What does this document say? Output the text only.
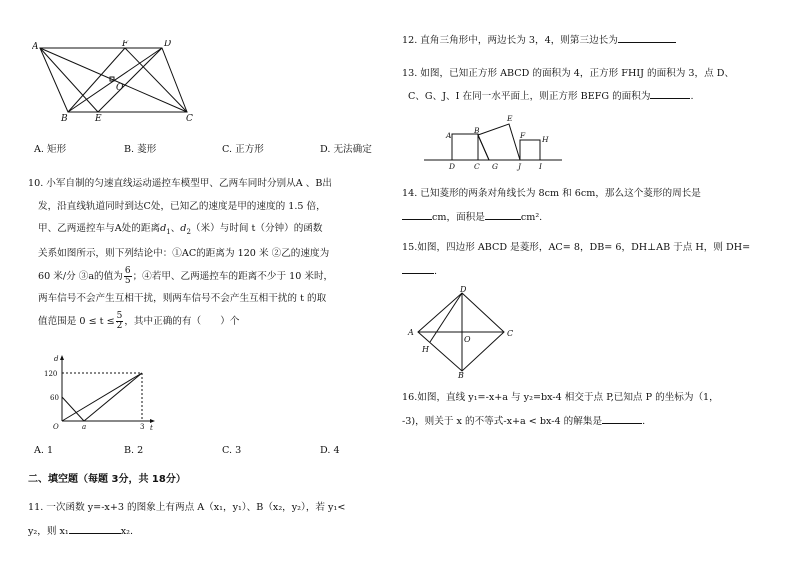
A	F	D
O
B	E	C
A. 矩形	B. 菱形	C. 正方形	D. 无法确定
10. 小军自制的匀速直线运动遥控车模型甲、乙两车同时分别从A 、B出
发，沿直线轨道同时到达C处，已知乙的速度是甲的速度的 1.5 倍，
甲、乙两遥控车与A处的距离$d_1$、$d_2$（米）与时间 t（分钟）的函数
关系如图所示，则下列结论中：①AC的距离为 120 米 ②乙的速度为
60 米/分 ③a的值为 $\frac{6}{5}$ ；④若甲、乙两遥控车的距离不少于 10 米时，
两车信号不会产生互相干扰，则两车信号不会产生互相干扰的 t 的取
值范围是 $0 \le t \le \frac{5}{2}$ ，其中正确的有（　　）个
d
t
120
60
O	a	3
A. 1	B. 2	C. 3	D. 4
二、填空题（每题 3分，共 18分）
11. 一次函数 y=-x+3 的图象上有两点 A（x₁，y₁）、B（x₂，y₂），若 y₁<
y₂，则 x₁	x₂.
12. 直角三角形中，两边长为 3，4，则第三边长为
13. 如图，已知正方形 ABCD 的面积为 4，正方形 FHIJ 的面积为 3，点 D、
C、G、J、I 在同一水平面上，则正方形 BEFG 的面积为	.
A
B
E
F H
D	C G	J I
14. 已知菱形的两条对角线长为 8cm 和 6cm，那么这个菱形的周长是
cm，面积是	cm².
15.如图，四边形 ABCD 是菱形，AC= 8，DB= 6，DH⊥AB 于点 H，则 DH=
.
D
A
H
O
C
B
16.如图，直线 y₁=-x+a 与 y₂=bx-4 相交于点 P,已知点 P 的坐标为（1，
-3)，则关于 x 的不等式-x+a < bx-4 的解集是	.
